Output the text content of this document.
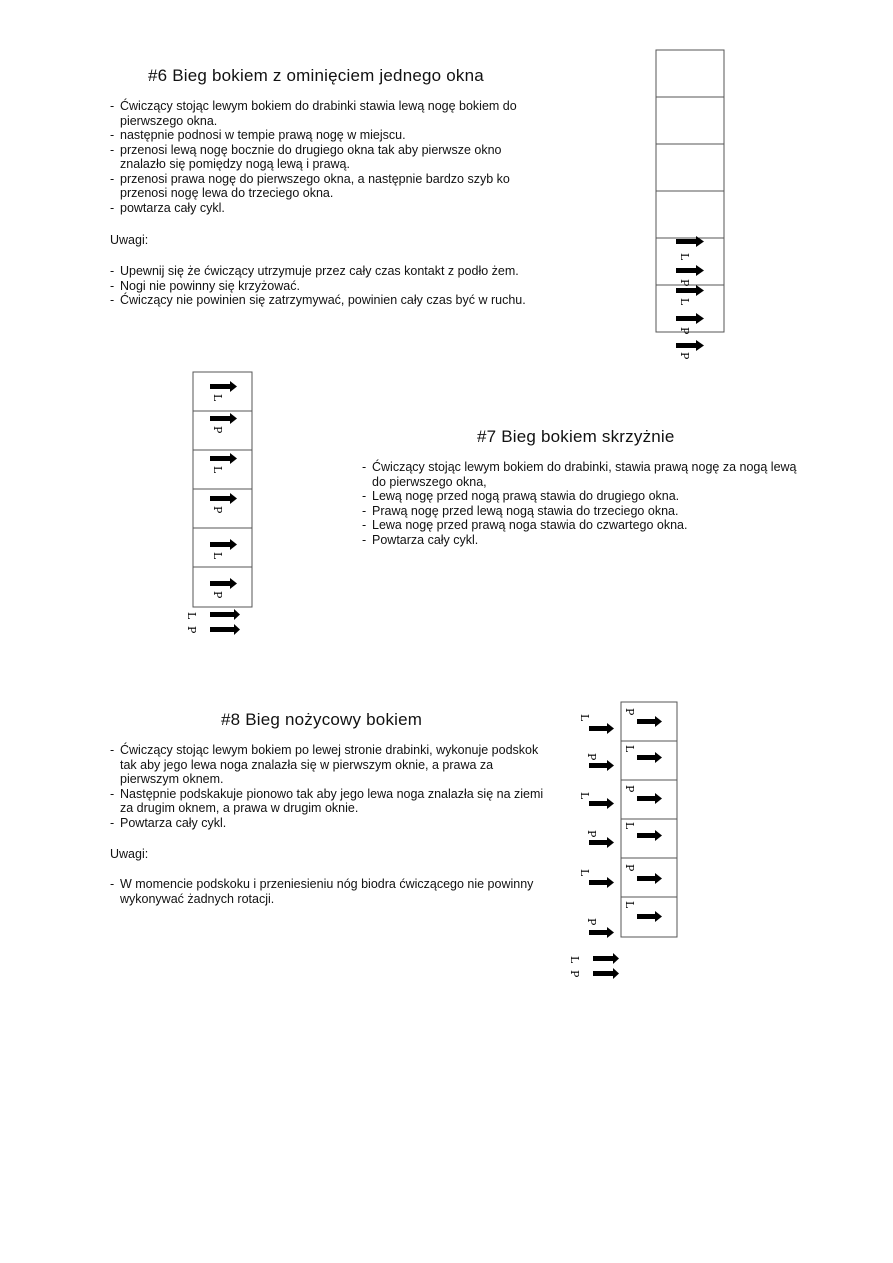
#6 Bieg bokiem z ominięciem jednego okna
- Ćwiczący stojąc lewym bokiem do drabinki stawia lewą nogę bokiem do pierwszego okna.
- następnie podnosi w tempie prawą nogę w miejscu.
- przenosi lewą nogę bocznie do drugiego okna tak aby pierwsze okno znalazło się pomiędzy nogą lewą i prawą.
- przenosi prawa nogę do pierwszego okna, a następnie bardzo szyb ko przenosi nogę lewa do trzeciego okna.
- powtarza cały cykl.
Uwagi:
- Upewnij się że ćwiczący utrzymuje przez cały czas kontakt z podło żem.
- Nogi nie powinny się krzyżować.
- Ćwiczący nie powinien się zatrzymywać, powinien cały czas być w ruchu.
L
P
L
P
P
L
P
L
P
L
P
L
P
#7 Bieg bokiem skrzyżnie
- Ćwiczący stojąc lewym bokiem do drabinki, stawia prawą nogę za nogą lewą do pierwszego okna,
- Lewą nogę przed nogą prawą stawia do drugiego okna.
- Prawą nogę przed lewą nogą stawia do trzeciego okna.
- Lewa nogę przed prawą noga stawia do czwartego okna.
- Powtarza cały cykl.
#8 Bieg nożycowy bokiem
- Ćwiczący stojąc lewym bokiem po lewej stronie drabinki, wykonuje podskok tak aby jego lewa noga znalazła się w pierwszym oknie, a prawa za pierwszym oknem.
- Następnie podskakuje pionowo tak aby jego lewa noga znalazła się na ziemi za drugim oknem, a prawa w drugim oknie.
- Powtarza cały cykl.
Uwagi:
- W momencie podskoku i przeniesieniu nóg biodra ćwiczącego nie powinny wykonywać żadnych rotacji.
P
L
P
L
P
L
L
P
L
P
L
P
L
P
